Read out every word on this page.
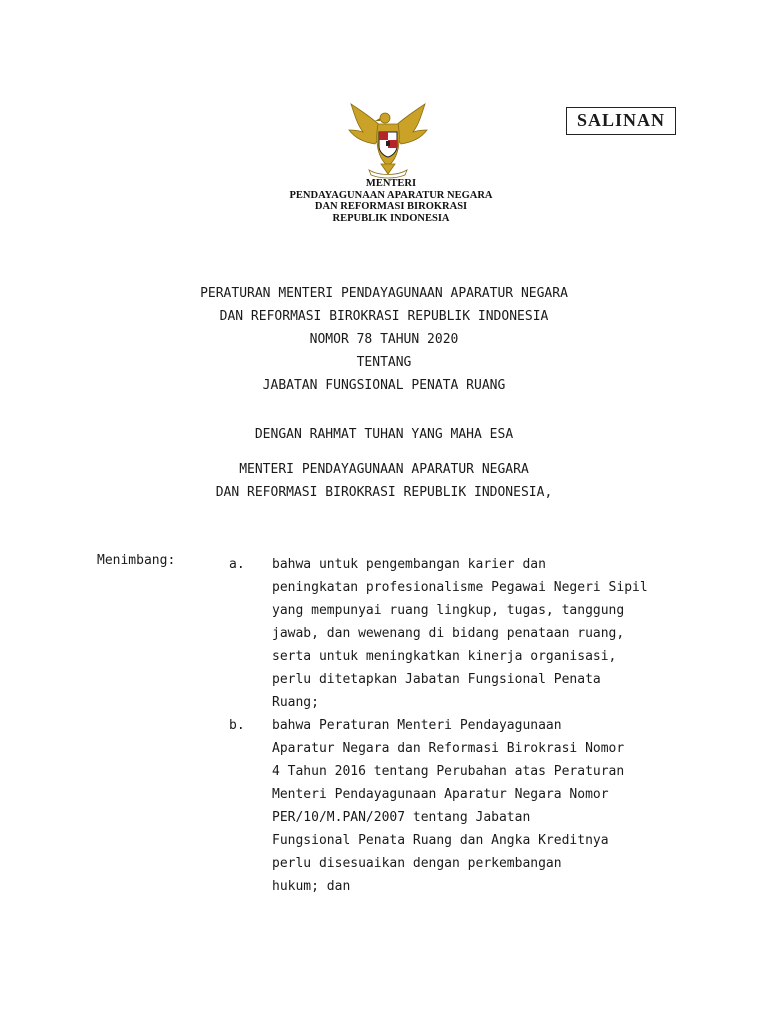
MENTERI
PENDAYAGUNAAN APARATUR NEGARA
DAN REFORMASI BIROKRASI
REPUBLIK INDONESIA
SALINAN
PERATURAN MENTERI PENDAYAGUNAAN APARATUR NEGARA
DAN REFORMASI BIROKRASI REPUBLIK INDONESIA
NOMOR 78 TAHUN 2020
TENTANG
JABATAN FUNGSIONAL PENATA RUANG
DENGAN RAHMAT TUHAN YANG MAHA ESA
MENTERI PENDAYAGUNAAN APARATUR NEGARA
DAN REFORMASI BIROKRASI REPUBLIK INDONESIA,
Menimbang:	a. bahwa untuk pengembangan karier dan
peningkatan profesionalisme Pegawai Negeri Sipil
yang mempunyai ruang lingkup, tugas, tanggung
jawab, dan wewenang di bidang penataan ruang,
serta untuk meningkatkan kinerja organisasi,
perlu ditetapkan Jabatan Fungsional Penata
Ruang;
b. bahwa Peraturan Menteri Pendayagunaan
Aparatur Negara dan Reformasi Birokrasi Nomor
4 Tahun 2016 tentang Perubahan atas Peraturan
Menteri Pendayagunaan Aparatur Negara Nomor
PER/10/M.PAN/2007 tentang Jabatan
Fungsional Penata Ruang dan Angka Kreditnya
perlu disesuaikan dengan perkembangan
hukum; dan
